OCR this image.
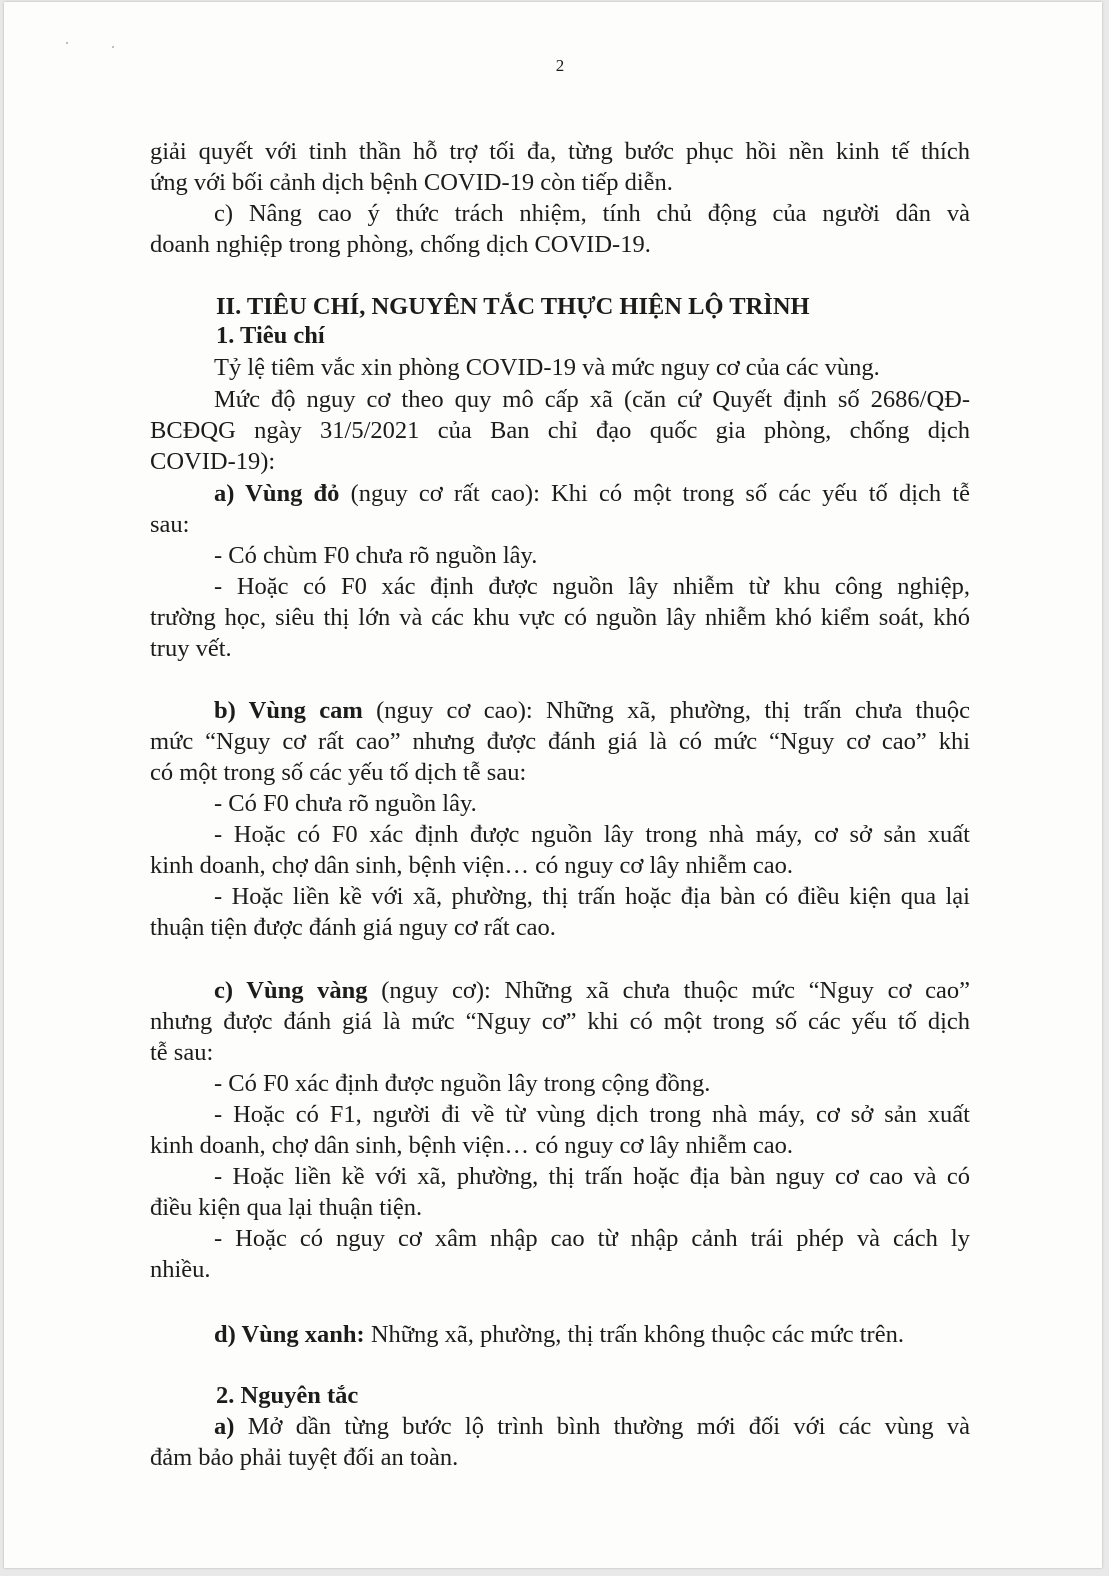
2
giải quyết với tinh thần hỗ trợ tối đa, từng bước phục hồi nền kinh tế thích
ứng với bối cảnh dịch bệnh COVID-19 còn tiếp diễn.
c) Nâng cao ý thức trách nhiệm, tính chủ động của người dân và
doanh nghiệp trong phòng, chống dịch COVID-19.
II. TIÊU CHÍ, NGUYÊN TẮC THỰC HIỆN LỘ TRÌNH
1. Tiêu chí
Tỷ lệ tiêm vắc xin phòng COVID-19 và mức nguy cơ của các vùng.
Mức độ nguy cơ theo quy mô cấp xã (căn cứ Quyết định số 2686/QĐ-
BCĐQG ngày 31/5/2021 của Ban chỉ đạo quốc gia phòng, chống dịch
COVID-19):
a) Vùng đỏ (nguy cơ rất cao): Khi có một trong số các yếu tố dịch tễ
sau:
- Có chùm F0 chưa rõ nguồn lây.
- Hoặc có F0 xác định được nguồn lây nhiễm từ khu công nghiệp,
trường học, siêu thị lớn và các khu vực có nguồn lây nhiễm khó kiểm soát, khó
truy vết.
b) Vùng cam (nguy cơ cao): Những xã, phường, thị trấn chưa thuộc
mức “Nguy cơ rất cao” nhưng được đánh giá là có mức “Nguy cơ cao” khi
có một trong số các yếu tố dịch tễ sau:
- Có F0 chưa rõ nguồn lây.
- Hoặc có F0 xác định được nguồn lây trong nhà máy, cơ sở sản xuất
kinh doanh, chợ dân sinh, bệnh viện… có nguy cơ lây nhiễm cao.
- Hoặc liền kề với xã, phường, thị trấn hoặc địa bàn có điều kiện qua lại
thuận tiện được đánh giá nguy cơ rất cao.
c) Vùng vàng (nguy cơ): Những xã chưa thuộc mức “Nguy cơ cao”
nhưng được đánh giá là mức “Nguy cơ” khi có một trong số các yếu tố dịch
tễ sau:
- Có F0 xác định được nguồn lây trong cộng đồng.
- Hoặc có F1, người đi về từ vùng dịch trong nhà máy, cơ sở sản xuất
kinh doanh, chợ dân sinh, bệnh viện… có nguy cơ lây nhiễm cao.
- Hoặc liền kề với xã, phường, thị trấn hoặc địa bàn nguy cơ cao và có
điều kiện qua lại thuận tiện.
- Hoặc có nguy cơ xâm nhập cao từ nhập cảnh trái phép và cách ly
nhiều.
d) Vùng xanh: Những xã, phường, thị trấn không thuộc các mức trên.
2. Nguyên tắc
a) Mở dần từng bước lộ trình bình thường mới đối với các vùng và
đảm bảo phải tuyệt đối an toàn.
